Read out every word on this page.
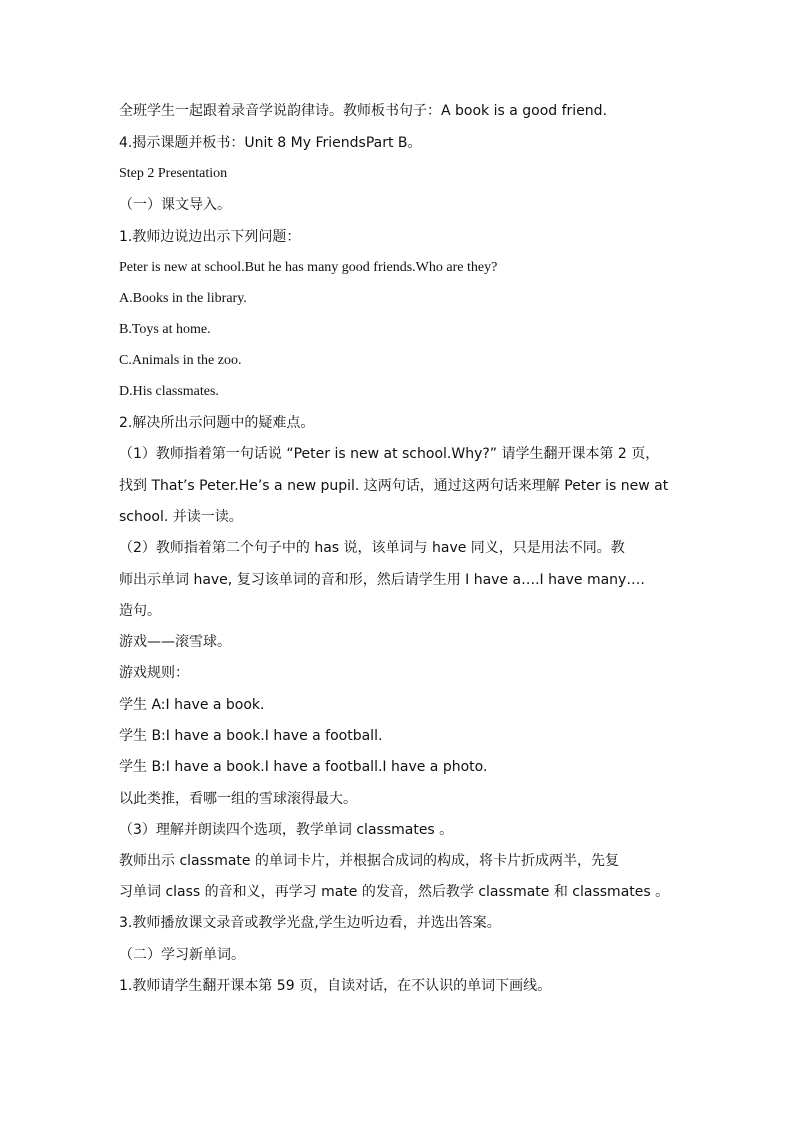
全班学生一起跟着录音学说韵律诗。教师板书句子：A book is a good friend.
4.揭示课题并板书：Unit 8 My FriendsPart B。
Step 2 Presentation
（一）课文导入。
1.教师边说边出示下列问题：
Peter is new at school.But he has many good friends.Who are they?
A.Books in the library.
B.Toys at home.
C.Animals in the zoo.
D.His classmates.
2.解决所出示问题中的疑难点。
（1）教师指着第一句话说 “Peter is new at school.Why?” 请学生翻开课本第 2 页，
找到 That’s Peter.He’s a new pupil. 这两句话，通过这两句话来理解 Peter is new at
school. 并读一读。
（2）教师指着第二个句子中的 has 说，该单词与 have 同义，只是用法不同。教
师出示单词 have, 复习该单词的音和形，然后请学生用 I have a….I have many….
造句。
游戏——滚雪球。
游戏规则：
学生 A:I have a book.
学生 B:I have a book.I have a football.
学生 B:I have a book.I have a football.I have a photo.
以此类推，看哪一组的雪球滚得最大。
（3）理解并朗读四个选项，教学单词 classmates 。
教师出示 classmate 的单词卡片，并根据合成词的构成，将卡片折成两半，先复
习单词 class 的音和义，再学习 mate 的发音，然后教学 classmate 和 classmates 。
3.教师播放课文录音或教学光盘,学生边听边看，并选出答案。
（二）学习新单词。
1.教师请学生翻开课本第 59 页，自读对话，在不认识的单词下画线。
